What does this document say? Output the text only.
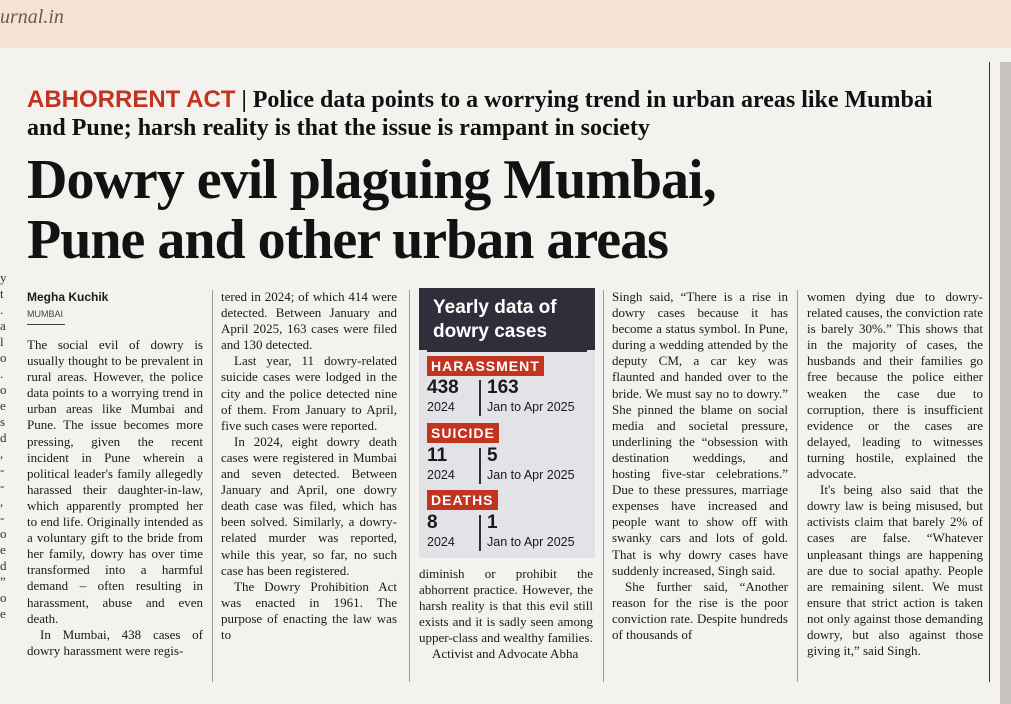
urnal.in
y t . a l o . o e s d , - - , - o e d ” o e
ABHORRENT ACT | Police data points to a worrying trend in urban areas like Mumbai and Pune; harsh reality is that the issue is rampant in society
Dowry evil plaguing Mumbai,
Pune and other urban areas
Megha Kuchik
MUMBAI

The social evil of dowry is usually thought to be prevalent in rural areas. However, the police data points to a worrying trend in urban areas like Mumbai and Pune. The issue becomes more pressing, given the recent incident in Pune wherein a political leader's family allegedly harassed their daughter-in-law, which apparently prompted her to end life. Originally intended as a voluntary gift to the bride from her family, dowry has over time transformed into a harmful demand – often resulting in harassment, abuse and even death.

In Mumbai, 438 cases of dowry harassment were regis-

tered in 2024; of which 414 were detected. Between January and April 2025, 163 cases were filed and 130 detected.

Last year, 11 dowry-related suicide cases were lodged in the city and the police detected nine of them. From January to April, five such cases were reported.

In 2024, eight dowry death cases were registered in Mumbai and seven detected. Between January and April, one dowry death case was filed, which has been solved. Similarly, a dowry-related murder was reported, while this year, so far, no such case has been registered.

The Dowry Prohibition Act was enacted in 1961. The purpose of enacting the law was to

Yearly data of
dowry cases
HARASSMENT
438 163
2024	Jan to Apr 2025
SUICIDE
11 5
2024	Jan to Apr 2025
DEATHS
8	1
2024	Jan to Apr 2025

diminish or prohibit the abhorrent practice. However, the harsh reality is that this evil still exists and it is sadly seen among upper-class and wealthy families.

Activist and Advocate Abha

Singh said, “There is a rise in dowry cases because it has become a status symbol. In Pune, during a wedding attended by the deputy CM, a car key was flaunted and handed over to the bride. We must say no to dowry.” She pinned the blame on social media and societal pressure, underlining the “obsession with destination weddings, and hosting five-star celebrations.” Due to these pressures, marriage expenses have increased and people want to show off with swanky cars and lots of gold. That is why dowry cases have suddenly increased, Singh said.

She further said, “Another reason for the rise is the poor conviction rate. Despite hundreds of thousands of

women dying due to dowry-related causes, the conviction rate is barely 30%.” This shows that in the majority of cases, the husbands and their families go free because the police either weaken the case due to corruption, there is insufficient evidence or the cases are delayed, leading to witnesses turning hostile, explained the advocate.

It's being also said that the dowry law is being misused, but activists claim that barely 2% of cases are false. “Whatever unpleasant things are happening are due to social apathy. People are remaining silent. We must ensure that strict action is taken not only against those demanding dowry, but also against those giving it,” said Singh.
